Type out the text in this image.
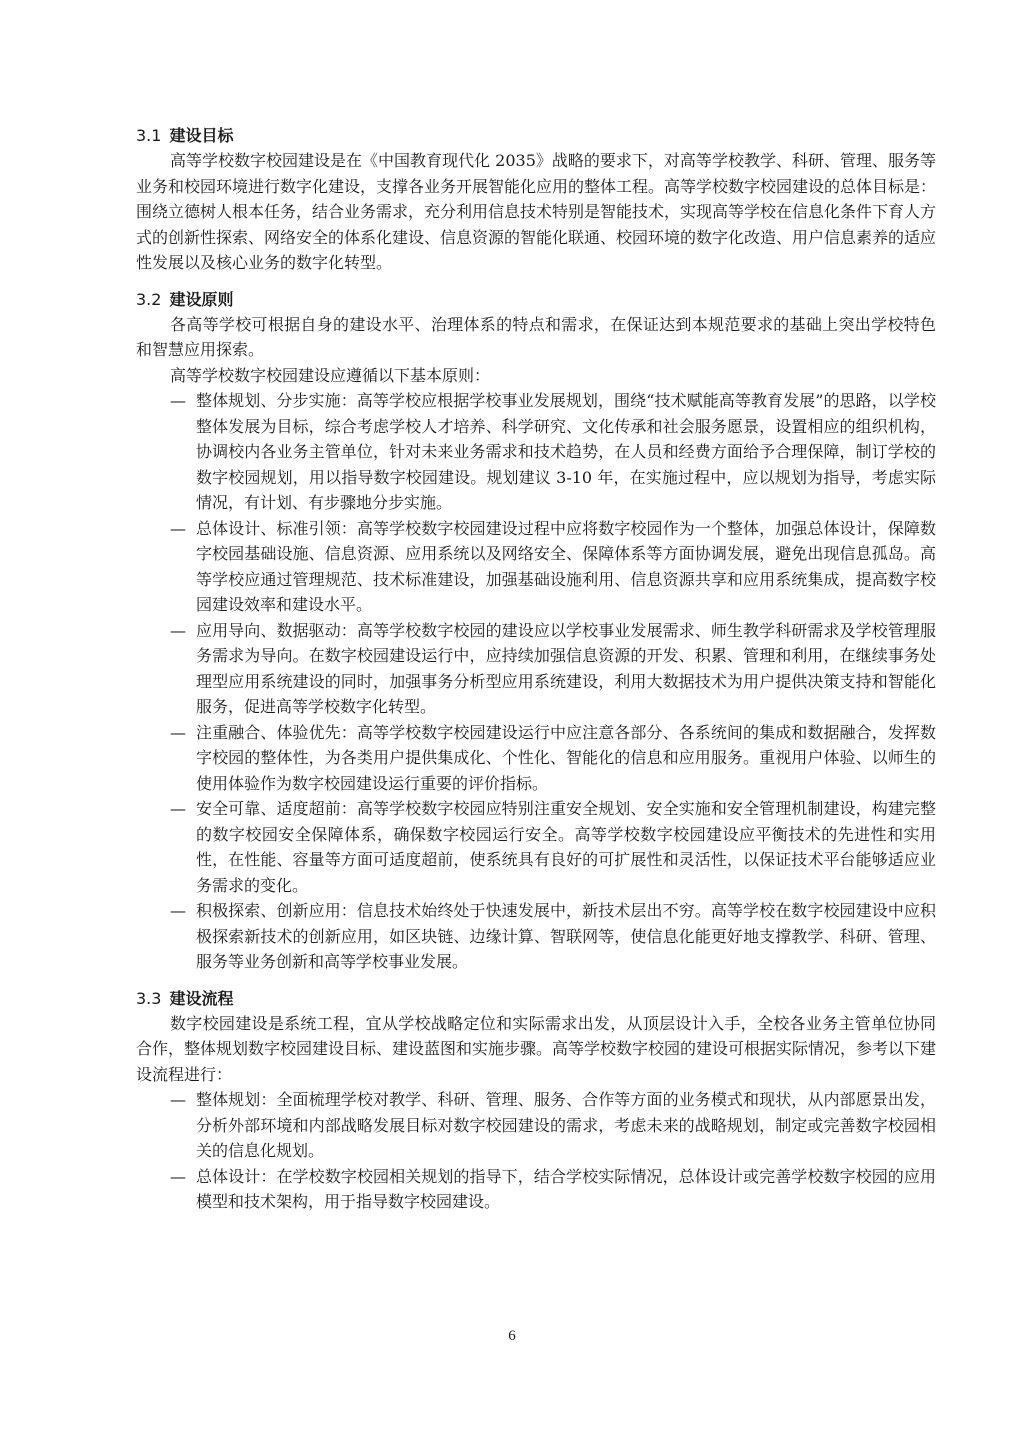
3.1 建设目标

高等学校数字校园建设是在《中国教育现代化 2035》战略的要求下，对高等学校教学、科研、管理、服务等业务和校园环境进行数字化建设，支撑各业务开展智能化应用的整体工程。高等学校数字校园建设的总体目标是：围绕立德树人根本任务，结合业务需求，充分利用信息技术特别是智能技术，实现高等学校在信息化条件下育人方式的创新性探索、网络安全的体系化建设、信息资源的智能化联通、校园环境的数字化改造、用户信息素养的适应性发展以及核心业务的数字化转型。

3.2 建设原则

各高等学校可根据自身的建设水平、治理体系的特点和需求，在保证达到本规范要求的基础上突出学校特色和智慧应用探索。

高等学校数字校园建设应遵循以下基本原则：

— 整体规划、分步实施：高等学校应根据学校事业发展规划，围绕“技术赋能高等教育发展”的思路，以学校整体发展为目标，综合考虑学校人才培养、科学研究、文化传承和社会服务愿景，设置相应的组织机构，协调校内各业务主管单位，针对未来业务需求和技术趋势，在人员和经费方面给予合理保障，制订学校的数字校园规划，用以指导数字校园建设。规划建议 3-10 年，在实施过程中，应以规划为指导，考虑实际情况，有计划、有步骤地分步实施。

— 总体设计、标准引领：高等学校数字校园建设过程中应将数字校园作为一个整体，加强总体设计，保障数字校园基础设施、信息资源、应用系统以及网络安全、保障体系等方面协调发展，避免出现信息孤岛。高等学校应通过管理规范、技术标准建设，加强基础设施利用、信息资源共享和应用系统集成，提高数字校园建设效率和建设水平。

— 应用导向、数据驱动：高等学校数字校园的建设应以学校事业发展需求、师生教学科研需求及学校管理服务需求为导向。在数字校园建设运行中，应持续加强信息资源的开发、积累、管理和利用，在继续事务处理型应用系统建设的同时，加强事务分析型应用系统建设，利用大数据技术为用户提供决策支持和智能化服务，促进高等学校数字化转型。

— 注重融合、体验优先：高等学校数字校园建设运行中应注意各部分、各系统间的集成和数据融合，发挥数字校园的整体性，为各类用户提供集成化、个性化、智能化的信息和应用服务。重视用户体验、以师生的使用体验作为数字校园建设运行重要的评价指标。

— 安全可靠、适度超前：高等学校数字校园应特别注重安全规划、安全实施和安全管理机制建设，构建完整的数字校园安全保障体系，确保数字校园运行安全。高等学校数字校园建设应平衡技术的先进性和实用性，在性能、容量等方面可适度超前，使系统具有良好的可扩展性和灵活性，以保证技术平台能够适应业务需求的变化。

— 积极探索、创新应用：信息技术始终处于快速发展中，新技术层出不穷。高等学校在数字校园建设中应积极探索新技术的创新应用，如区块链、边缘计算、智联网等，使信息化能更好地支撑教学、科研、管理、服务等业务创新和高等学校事业发展。

3.3 建设流程

数字校园建设是系统工程，宜从学校战略定位和实际需求出发，从顶层设计入手，全校各业务主管单位协同合作，整体规划数字校园建设目标、建设蓝图和实施步骤。高等学校数字校园的建设可根据实际情况，参考以下建设流程进行：

— 整体规划：全面梳理学校对教学、科研、管理、服务、合作等方面的业务模式和现状，从内部愿景出发，分析外部环境和内部战略发展目标对数字校园建设的需求，考虑未来的战略规划，制定或完善数字校园相关的信息化规划。

— 总体设计：在学校数字校园相关规划的指导下，结合学校实际情况，总体设计或完善学校数字校园的应用模型和技术架构，用于指导数字校园建设。

6
